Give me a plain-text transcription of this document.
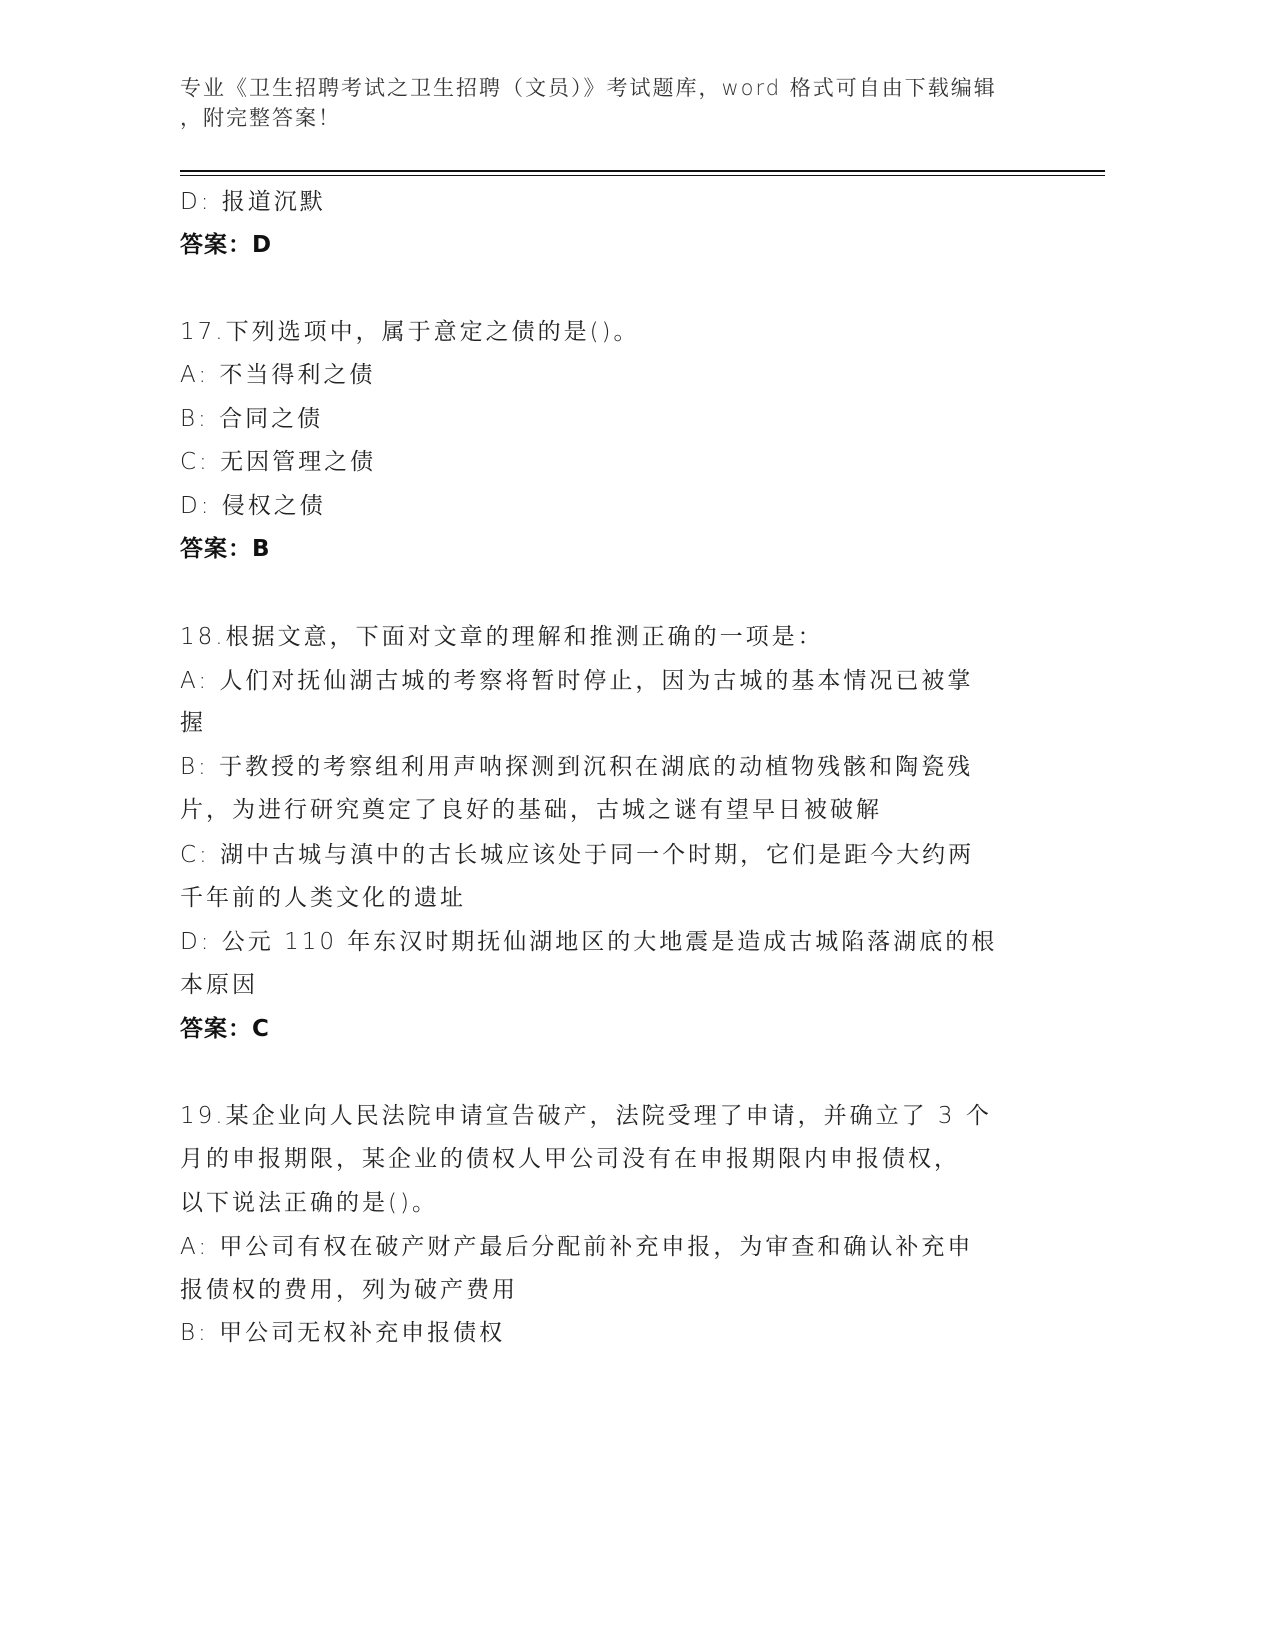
专业《卫生招聘考试之卫生招聘（文员）》考试题库，word 格式可自由下载编辑
，附完整答案！
D: 报道沉默
答案：D
17.下列选项中，属于意定之债的是()。
A: 不当得利之债
B: 合同之债
C: 无因管理之债
D: 侵权之债
答案：B
18.根据文意，下面对文章的理解和推测正确的一项是：
A: 人们对抚仙湖古城的考察将暂时停止，因为古城的基本情况已被掌
握
B: 于教授的考察组利用声呐探测到沉积在湖底的动植物残骸和陶瓷残
片，为进行研究奠定了良好的基础，古城之谜有望早日被破解
C: 湖中古城与滇中的古长城应该处于同一个时期，它们是距今大约两
千年前的人类文化的遗址
D: 公元 110 年东汉时期抚仙湖地区的大地震是造成古城陷落湖底的根
本原因
答案：C
19.某企业向人民法院申请宣告破产，法院受理了申请，并确立了 3 个
月的申报期限，某企业的债权人甲公司没有在申报期限内申报债权，
以下说法正确的是()。
A: 甲公司有权在破产财产最后分配前补充申报，为审查和确认补充申
报债权的费用，列为破产费用
B: 甲公司无权补充申报债权
